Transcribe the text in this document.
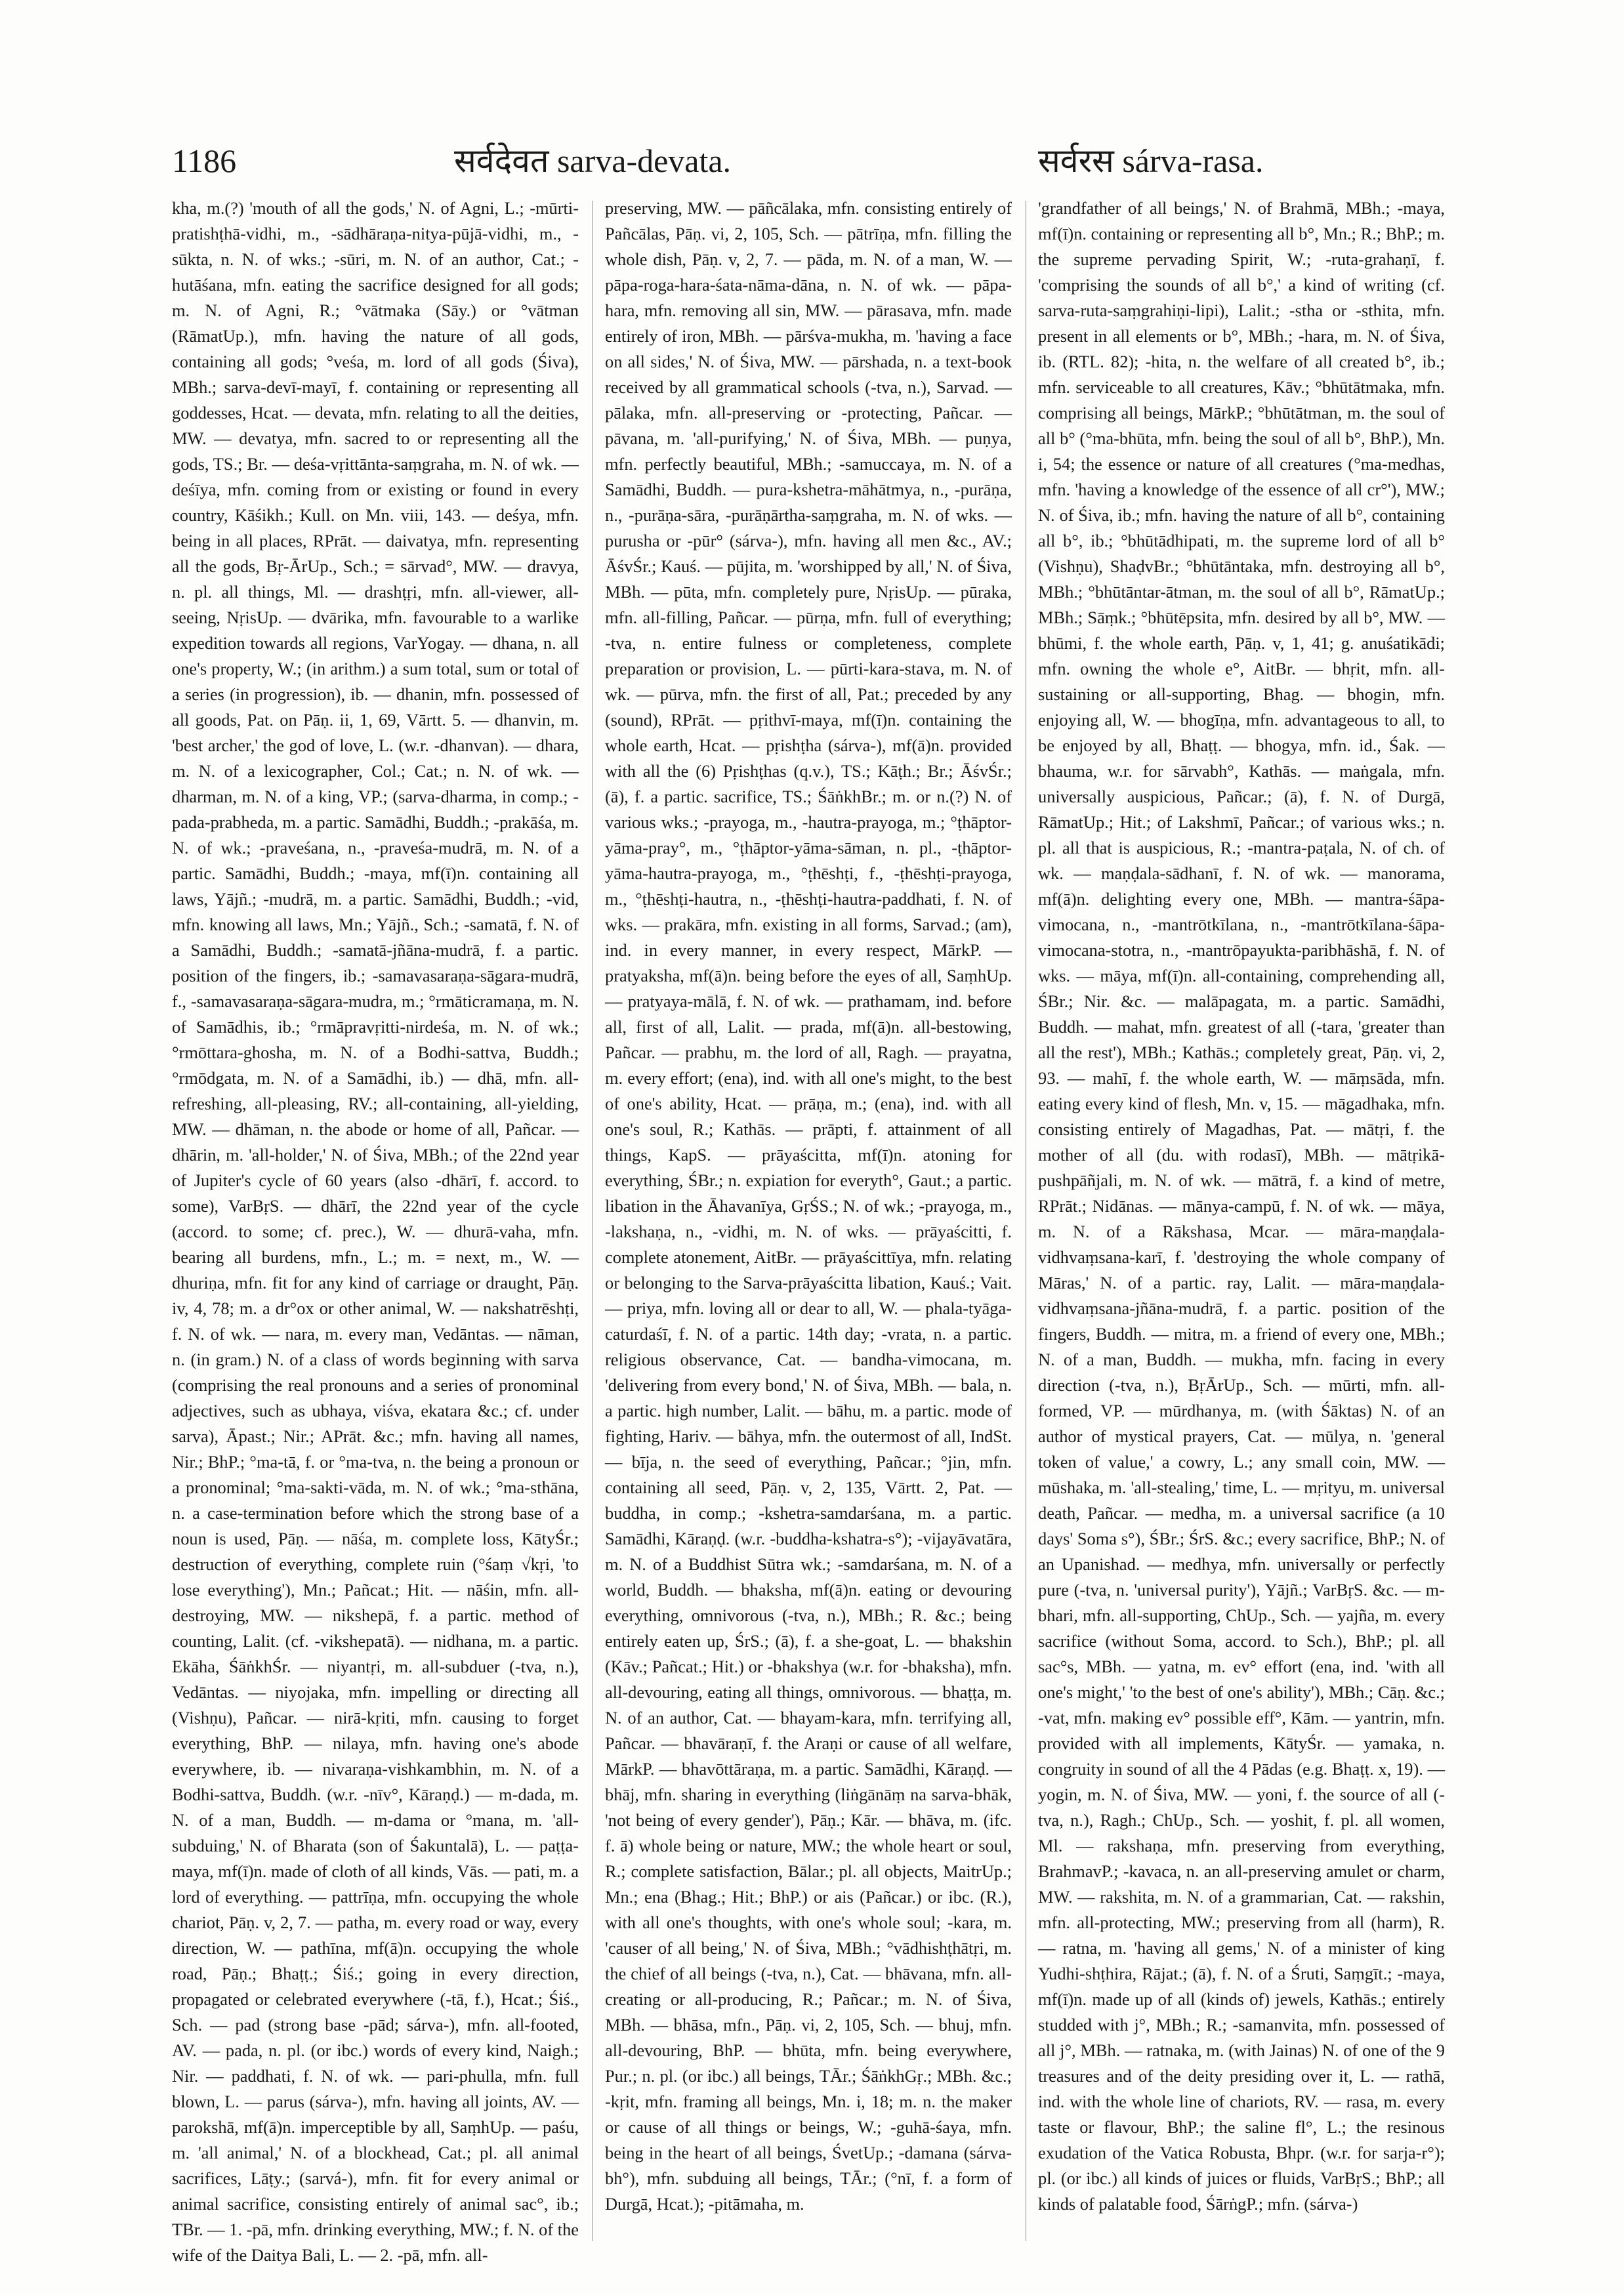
1186	सर्वदेवत sarva-devata.	सर्वरस sárva-rasa.

kha, m.(?) 'mouth of all the gods,' N. of Agni, L.; -mūrti-pratishṭhā-vidhi, m., -sādhāraṇa-nitya-pūjā-vidhi, m., -sūkta, n. N. of wks.; -sūri, m. N. of an author, Cat.; -hutāśana, mfn. eating the sacrifice designed for all gods; m. N. of Agni, R.; °vātmaka (Sāy.) or °vātman (RāmatUp.), mfn. having the nature of all gods, containing all gods; °veśa, m. lord of all gods (Śiva), MBh.; sarva-devī-mayī, f. containing or representing all goddesses, Hcat. — devata, mfn. relating to all the deities, MW. — devatya, mfn. sacred to or representing all the gods, TS.; Br. — deśa-vṛittānta-saṃgraha, m. N. of wk. — deśīya, mfn. coming from or existing or found in every country, Kāśikh.; Kull. on Mn. viii, 143. — deśya, mfn. being in all places, RPrāt. — daivatya, mfn. representing all the gods, Bṛ-ĀrUp., Sch.; = sārvad°, MW. — dravya, n. pl. all things, Ml. — drashṭṛi, mfn. all-viewer, all-seeing, NṛisUp. — dvārika, mfn. favourable to a warlike expedition towards all regions, VarYogay. — dhana, n. all one's property, W.; (in arithm.) a sum total, sum or total of a series (in progression), ib. — dhanin, mfn. possessed of all goods, Pat. on Pāṇ. ii, 1, 69, Vārtt. 5. — dhanvin, m. 'best archer,' the god of love, L. (w.r. -dhanvan). — dhara, m. N. of a lexicographer, Col.; Cat.; n. N. of wk. — dharman, m. N. of a king, VP.; (sarva-dharma, in comp.; -pada-prabheda, m. a partic. Samādhi, Buddh.; -prakāśa, m. N. of wk.; -praveśana, n., -praveśa-mudrā, m. N. of a partic. Samādhi, Buddh.; -maya, mf(ī)n. containing all laws, Yājñ.; -mudrā, m. a partic. Samādhi, Buddh.; -vid, mfn. knowing all laws, Mn.; Yājñ., Sch.; -samatā, f. N. of a Samādhi, Buddh.; -samatā-jñāna-mudrā, f. a partic. position of the fingers, ib.; -samavasaraṇa-sāgara-mudrā, f., -samavasaraṇa-sāgara-mudra, m.; °rmāticramaṇa, m. N. of Samādhis, ib.; °rmāpravṛitti-nirdeśa, m. N. of wk.; °rmōttara-ghosha, m. N. of a Bodhi-sattva, Buddh.; °rmōdgata, m. N. of a Samādhi, ib.) — dhā, mfn. all-refreshing, all-pleasing, RV.; all-containing, all-yielding, MW. — dhāman, n. the abode or home of all, Pañcar. — dhārin, m. 'all-holder,' N. of Śiva, MBh.; of the 22nd year of Jupiter's cycle of 60 years (also -dhārī, f. accord. to some), VarBṛS. — dhārī, the 22nd year of the cycle (accord. to some; cf. prec.), W. — dhurā-vaha, mfn. bearing all burdens, mfn., L.; m. = next, m., W. — dhuriṇa, mfn. fit for any kind of carriage or draught, Pāṇ. iv, 4, 78; m. a dr°ox or other animal, W. — nakshatrēshṭi, f. N. of wk. — nara, m. every man, Vedāntas. — nāman, n. (in gram.) N. of a class of words beginning with sarva (comprising the real pronouns and a series of pronominal adjectives, such as ubhaya, viśva, ekatara &c.; cf. under sarva), Āpast.; Nir.; APrāt. &c.; mfn. having all names, Nir.; BhP.; °ma-tā, f. or °ma-tva, n. the being a pronoun or a pronominal; °ma-sakti-vāda, m. N. of wk.; °ma-sthāna, n. a case-termination before which the strong base of a noun is used, Pāṇ. — nāśa, m. complete loss, KātyŚr.; destruction of everything, complete ruin (°śaṃ √kṛi, 'to lose everything'), Mn.; Pañcat.; Hit. — nāśin, mfn. all-destroying, MW. — nikshepā, f. a partic. method of counting, Lalit. (cf. -vikshepatā). — nidhana, m. a partic. Ekāha, ŚāṅkhŚr. — niyantṛi, m. all-subduer (-tva, n.), Vedāntas. — niyojaka, mfn. impelling or directing all (Vishṇu), Pañcar. — nirā-kṛiti, mfn. causing to forget everything, BhP. — nilaya, mfn. having one's abode everywhere, ib. — nivaraṇa-vishkambhin, m. N. of a Bodhi-sattva, Buddh. (w.r. -nīv°, Kāraṇḍ.) — m-dada, m. N. of a man, Buddh. — m-dama or °mana, m. 'all-subduing,' N. of Bharata (son of Śakuntalā), L. — paṭṭa-maya, mf(ī)n. made of cloth of all kinds, Vās. — pati, m. a lord of everything. — pattrīṇa, mfn. occupying the whole chariot, Pāṇ. v, 2, 7. — patha, m. every road or way, every direction, W. — pathīna, mf(ā)n. occupying the whole road, Pāṇ.; Bhaṭṭ.; Śiś.; going in every direction, propagated or celebrated everywhere (-tā, f.), Hcat.; Śiś., Sch. — pad (strong base -pād; sárva-), mfn. all-footed, AV. — pada, n. pl. (or ibc.) words of every kind, Naigh.; Nir. — paddhati, f. N. of wk. — pari-phulla, mfn. full blown, L. — parus (sárva-), mfn. having all joints, AV. — parokshā, mf(ā)n. imperceptible by all, SaṃhUp. — paśu, m. 'all animal,' N. of a blockhead, Cat.; pl. all animal sacrifices, Lāṭy.; (sarvá-), mfn. fit for every animal or animal sacrifice, consisting entirely of animal sac°, ib.; TBr. — 1. -pā, mfn. drinking everything, MW.; f. N. of the wife of the Daitya Bali, L. — 2. -pā, mfn. all-

preserving, MW. — pāñcālaka, mfn. consisting entirely of Pañcālas, Pāṇ. vi, 2, 105, Sch. — pātrīṇa, mfn. filling the whole dish, Pāṇ. v, 2, 7. — pāda, m. N. of a man, W. — pāpa-roga-hara-śata-nāma-dāna, n. N. of wk. — pāpa-hara, mfn. removing all sin, MW. — pārasava, mfn. made entirely of iron, MBh. — pārśva-mukha, m. 'having a face on all sides,' N. of Śiva, MW. — pārshada, n. a text-book received by all grammatical schools (-tva, n.), Sarvad. — pālaka, mfn. all-preserving or -protecting, Pañcar. — pāvana, m. 'all-purifying,' N. of Śiva, MBh. — puṇya, mfn. perfectly beautiful, MBh.; -samuccaya, m. N. of a Samādhi, Buddh. — pura-kshetra-māhātmya, n., -purāṇa, n., -purāṇa-sāra, -purāṇārtha-saṃgraha, m. N. of wks. — purusha or -pūr° (sárva-), mfn. having all men &c., AV.; ĀśvŚr.; Kauś. — pūjita, m. 'worshipped by all,' N. of Śiva, MBh. — pūta, mfn. completely pure, NṛisUp. — pūraka, mfn. all-filling, Pañcar. — pūrṇa, mfn. full of everything; -tva, n. entire fulness or completeness, complete preparation or provision, L. — pūrti-kara-stava, m. N. of wk. — pūrva, mfn. the first of all, Pat.; preceded by any (sound), RPrāt. — pṛithvī-maya, mf(ī)n. containing the whole earth, Hcat. — pṛishṭha (sárva-), mf(ā)n. provided with all the (6) Pṛishṭhas (q.v.), TS.; Kāṭh.; Br.; ĀśvŚr.; (ā), f. a partic. sacrifice, TS.; ŚāṅkhBr.; m. or n.(?) N. of various wks.; -prayoga, m., -hautra-prayoga, m.; °ṭhāptor-yāma-pray°, m., °ṭhāptor-yāma-sāman, n. pl., -ṭhāptor-yāma-hautra-prayoga, m., °ṭhēshṭi, f., -ṭhēshṭi-prayoga, m., °ṭhēshṭi-hautra, n., -ṭhēshṭi-hautra-paddhati, f. N. of wks. — prakāra, mfn. existing in all forms, Sarvad.; (am), ind. in every manner, in every respect, MārkP. — pratyaksha, mf(ā)n. being before the eyes of all, SaṃhUp. — pratyaya-mālā, f. N. of wk. — prathamam, ind. before all, first of all, Lalit. — prada, mf(ā)n. all-bestowing, Pañcar. — prabhu, m. the lord of all, Ragh. — prayatna, m. every effort; (ena), ind. with all one's might, to the best of one's ability, Hcat. — prāṇa, m.; (ena), ind. with all one's soul, R.; Kathās. — prāpti, f. attainment of all things, KapS. — prāyaścitta, mf(ī)n. atoning for everything, ŚBr.; n. expiation for everyth°, Gaut.; a partic. libation in the Āhavanīya, GṛŚS.; N. of wk.; -prayoga, m., -lakshaṇa, n., -vidhi, m. N. of wks. — prāyaścitti, f. complete atonement, AitBr. — prāyaścittīya, mfn. relating or belonging to the Sarva-prāyaścitta libation, Kauś.; Vait. — priya, mfn. loving all or dear to all, W. — phala-tyāga-caturdaśī, f. N. of a partic. 14th day; -vrata, n. a partic. religious observance, Cat. — bandha-vimocana, m. 'delivering from every bond,' N. of Śiva, MBh. — bala, n. a partic. high number, Lalit. — bāhu, m. a partic. mode of fighting, Hariv. — bāhya, mfn. the outermost of all, IndSt. — bīja, n. the seed of everything, Pañcar.; °jin, mfn. containing all seed, Pāṇ. v, 2, 135, Vārtt. 2, Pat. — buddha, in comp.; -kshetra-samdarśana, m. a partic. Samādhi, Kāraṇḍ. (w.r. -buddha-kshatra-s°); -vijayāvatāra, m. N. of a Buddhist Sūtra wk.; -samdarśana, m. N. of a world, Buddh. — bhaksha, mf(ā)n. eating or devouring everything, omnivorous (-tva, n.), MBh.; R. &c.; being entirely eaten up, ŚrS.; (ā), f. a she-goat, L. — bhakshin (Kāv.; Pañcat.; Hit.) or -bhakshya (w.r. for -bhaksha), mfn. all-devouring, eating all things, omnivorous. — bhaṭṭa, m. N. of an author, Cat. — bhayam-kara, mfn. terrifying all, Pañcar. — bhavāraṇī, f. the Araṇi or cause of all welfare, MārkP. — bhavōttāraṇa, m. a partic. Samādhi, Kāraṇḍ. — bhāj, mfn. sharing in everything (liṅgānāṃ na sarva-bhāk, 'not being of every gender'), Pāṇ.; Kār. — bhāva, m. (ifc. f. ā) whole being or nature, MW.; the whole heart or soul, R.; complete satisfaction, Bālar.; pl. all objects, MaitrUp.; Mn.; ena (Bhag.; Hit.; BhP.) or ais (Pañcar.) or ibc. (R.), with all one's thoughts, with one's whole soul; -kara, m. 'causer of all being,' N. of Śiva, MBh.; °vādhishṭhātṛi, m. the chief of all beings (-tva, n.), Cat. — bhāvana, mfn. all-creating or all-producing, R.; Pañcar.; m. N. of Śiva, MBh. — bhāsa, mfn., Pāṇ. vi, 2, 105, Sch. — bhuj, mfn. all-devouring, BhP. — bhūta, mfn. being everywhere, Pur.; n. pl. (or ibc.) all beings, TĀr.; ŚāṅkhGṛ.; MBh. &c.; -kṛit, mfn. framing all beings, Mn. i, 18; m. n. the maker or cause of all things or beings, W.; -guhā-śaya, mfn. being in the heart of all beings, ŚvetUp.; -damana (sárva-bh°), mfn. subduing all beings, TĀr.; (°nī, f. a form of Durgā, Hcat.); -pitāmaha, m.

'grandfather of all beings,' N. of Brahmā, MBh.; -maya, mf(ī)n. containing or representing all b°, Mn.; R.; BhP.; m. the supreme pervading Spirit, W.; -ruta-grahaṇī, f. 'comprising the sounds of all b°,' a kind of writing (cf. sarva-ruta-saṃgrahiṇi-lipi), Lalit.; -stha or -sthita, mfn. present in all elements or b°, MBh.; -hara, m. N. of Śiva, ib. (RTL. 82); -hita, n. the welfare of all created b°, ib.; mfn. serviceable to all creatures, Kāv.; °bhūtātmaka, mfn. comprising all beings, MārkP.; °bhūtātman, m. the soul of all b° (°ma-bhūta, mfn. being the soul of all b°, BhP.), Mn. i, 54; the essence or nature of all creatures (°ma-medhas, mfn. 'having a knowledge of the essence of all cr°'), MW.; N. of Śiva, ib.; mfn. having the nature of all b°, containing all b°, ib.; °bhūtādhipati, m. the supreme lord of all b° (Vishṇu), ShaḍvBr.; °bhūtāntaka, mfn. destroying all b°, MBh.; °bhūtāntar-ātman, m. the soul of all b°, RāmatUp.; MBh.; Sāṃk.; °bhūtēpsita, mfn. desired by all b°, MW. — bhūmi, f. the whole earth, Pāṇ. v, 1, 41; g. anuśatikādi; mfn. owning the whole e°, AitBr. — bhṛit, mfn. all-sustaining or all-supporting, Bhag. — bhogin, mfn. enjoying all, W. — bhogīṇa, mfn. advantageous to all, to be enjoyed by all, Bhaṭṭ. — bhogya, mfn. id., Śak. — bhauma, w.r. for sārvabh°, Kathās. — maṅgala, mfn. universally auspicious, Pañcar.; (ā), f. N. of Durgā, RāmatUp.; Hit.; of Lakshmī, Pañcar.; of various wks.; n. pl. all that is auspicious, R.; -mantra-paṭala, N. of ch. of wk. — maṇḍala-sādhanī, f. N. of wk. — manorama, mf(ā)n. delighting every one, MBh. — mantra-śāpa-vimocana, n., -mantrōtkīlana, n., -mantrōtkīlana-śāpa-vimocana-stotra, n., -mantrōpayukta-paribhāshā, f. N. of wks. — māya, mf(ī)n. all-containing, comprehending all, ŚBr.; Nir. &c. — malāpagata, m. a partic. Samādhi, Buddh. — mahat, mfn. greatest of all (-tara, 'greater than all the rest'), MBh.; Kathās.; completely great, Pāṇ. vi, 2, 93. — mahī, f. the whole earth, W. — māṃsāda, mfn. eating every kind of flesh, Mn. v, 15. — māgadhaka, mfn. consisting entirely of Magadhas, Pat. — mātṛi, f. the mother of all (du. with rodasī), MBh. — mātṛikā-pushpāñjali, m. N. of wk. — mātrā, f. a kind of metre, RPrāt.; Nidānas. — mānya-campū, f. N. of wk. — māya, m. N. of a Rākshasa, Mcar. — māra-maṇḍala-vidhvaṃsana-karī, f. 'destroying the whole company of Māras,' N. of a partic. ray, Lalit. — māra-maṇḍala-vidhvaṃsana-jñāna-mudrā, f. a partic. position of the fingers, Buddh. — mitra, m. a friend of every one, MBh.; N. of a man, Buddh. — mukha, mfn. facing in every direction (-tva, n.), BṛĀrUp., Sch. — mūrti, mfn. all-formed, VP. — mūrdhanya, m. (with Śāktas) N. of an author of mystical prayers, Cat. — mūlya, n. 'general token of value,' a cowry, L.; any small coin, MW. — mūshaka, m. 'all-stealing,' time, L. — mṛityu, m. universal death, Pañcar. — medha, m. a universal sacrifice (a 10 days' Soma s°), ŚBr.; ŚrS. &c.; every sacrifice, BhP.; N. of an Upanishad. — medhya, mfn. universally or perfectly pure (-tva, n. 'universal purity'), Yājñ.; VarBṛS. &c. — m-bhari, mfn. all-supporting, ChUp., Sch. — yajña, m. every sacrifice (without Soma, accord. to Sch.), BhP.; pl. all sac°s, MBh. — yatna, m. ev° effort (ena, ind. 'with all one's might,' 'to the best of one's ability'), MBh.; Cāṇ. &c.; -vat, mfn. making ev° possible eff°, Kām. — yantrin, mfn. provided with all implements, KātyŚr. — yamaka, n. congruity in sound of all the 4 Pādas (e.g. Bhaṭṭ. x, 19). — yogin, m. N. of Śiva, MW. — yoni, f. the source of all (-tva, n.), Ragh.; ChUp., Sch. — yoshit, f. pl. all women, Ml. — rakshaṇa, mfn. preserving from everything, BrahmavP.; -kavaca, n. an all-preserving amulet or charm, MW. — rakshita, m. N. of a grammarian, Cat. — rakshin, mfn. all-protecting, MW.; preserving from all (harm), R. — ratna, m. 'having all gems,' N. of a minister of king Yudhi-shṭhira, Rājat.; (ā), f. N. of a Śruti, Saṃgīt.; -maya, mf(ī)n. made up of all (kinds of) jewels, Kathās.; entirely studded with j°, MBh.; R.; -samanvita, mfn. possessed of all j°, MBh. — ratnaka, m. (with Jainas) N. of one of the 9 treasures and of the deity presiding over it, L. — rathā, ind. with the whole line of chariots, RV. — rasa, m. every taste or flavour, BhP.; the saline fl°, L.; the resinous exudation of the Vatica Robusta, Bhpr. (w.r. for sarja-r°); pl. (or ibc.) all kinds of juices or fluids, VarBṛS.; BhP.; all kinds of palatable food, ŚārṅgP.; mfn. (sárva-)
